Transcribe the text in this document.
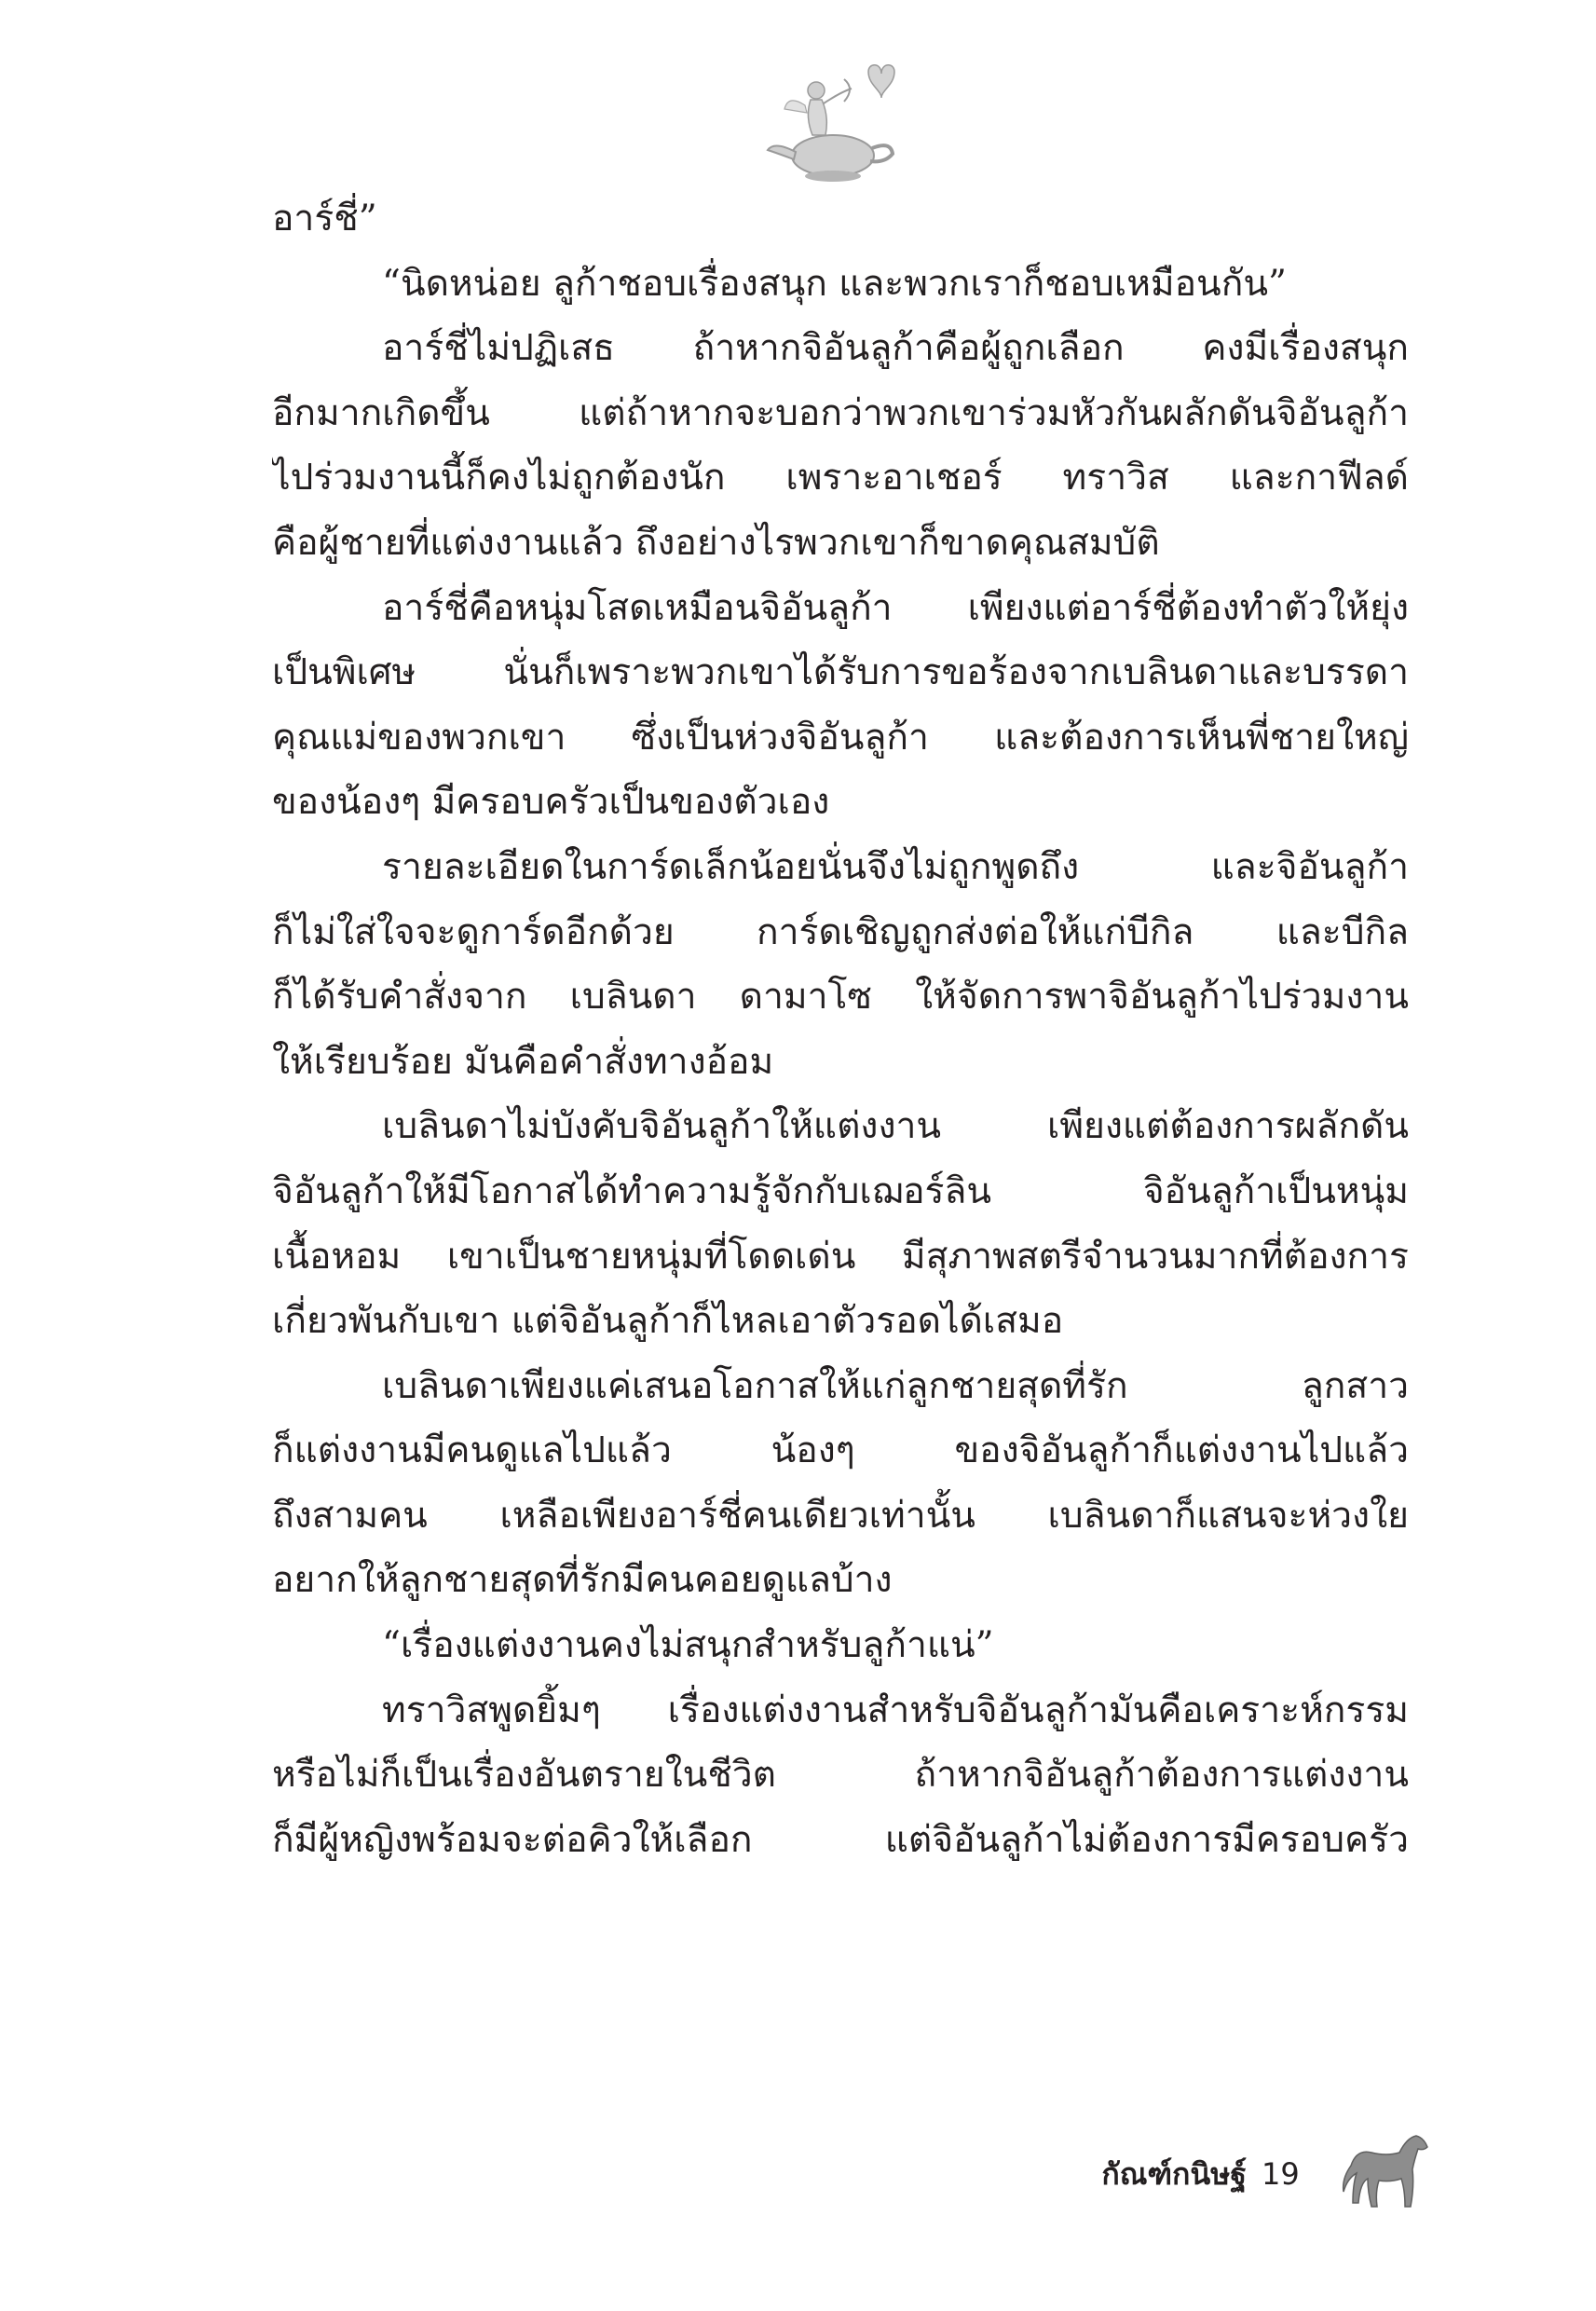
อาร์ชี่”
“นิดหน่อย ลูก้าชอบเรื่องสนุก และพวกเราก็ชอบเหมือนกัน”
อาร์ชี่ไม่ปฏิเสธ ถ้าหากจิอันลูก้าคือผู้ถูกเลือก คงมีเรื่องสนุก
อีกมากเกิดขึ้น แต่ถ้าหากจะบอกว่าพวกเขาร่วมหัวกันผลักดันจิอันลูก้า
ไปร่วมงานนี้ก็คงไม่ถูกต้องนัก เพราะอาเชอร์ ทราวิส และกาฟีลด์
คือผู้ชายที่แต่งงานแล้ว ถึงอย่างไรพวกเขาก็ขาดคุณสมบัติ
อาร์ชี่คือหนุ่มโสดเหมือนจิอันลูก้า เพียงแต่อาร์ชี่ต้องทำตัวให้ยุ่ง
เป็นพิเศษ นั่นก็เพราะพวกเขาได้รับการขอร้องจากเบลินดาและบรรดา
คุณแม่ของพวกเขา ซึ่งเป็นห่วงจิอันลูก้า และต้องการเห็นพี่ชายใหญ่
ของน้องๆ มีครอบครัวเป็นของตัวเอง
รายละเอียดในการ์ดเล็กน้อยนั่นจึงไม่ถูกพูดถึง และจิอันลูก้า
ก็ไม่ใส่ใจจะดูการ์ดอีกด้วย การ์ดเชิญถูกส่งต่อให้แก่บีกิล และบีกิล
ก็ได้รับคำสั่งจาก เบลินดา ดามาโซ ให้จัดการพาจิอันลูก้าไปร่วมงาน
ให้เรียบร้อย มันคือคำสั่งทางอ้อม
เบลินดาไม่บังคับจิอันลูก้าให้แต่งงาน เพียงแต่ต้องการผลักดัน
จิอันลูก้าให้มีโอกาสได้ทำความรู้จักกับเฌอร์ลิน จิอันลูก้าเป็นหนุ่ม
เนื้อหอม เขาเป็นชายหนุ่มที่โดดเด่น มีสุภาพสตรีจำนวนมากที่ต้องการ
เกี่ยวพันกับเขา แต่จิอันลูก้าก็ไหลเอาตัวรอดได้เสมอ
เบลินดาเพียงแค่เสนอโอกาสให้แก่ลูกชายสุดที่รัก ลูกสาว
ก็แต่งงานมีคนดูแลไปแล้ว น้องๆ ของจิอันลูก้าก็แต่งงานไปแล้ว
ถึงสามคน เหลือเพียงอาร์ชี่คนเดียวเท่านั้น เบลินดาก็แสนจะห่วงใย
อยากให้ลูกชายสุดที่รักมีคนคอยดูแลบ้าง
“เรื่องแต่งงานคงไม่สนุกสำหรับลูก้าแน่”
ทราวิสพูดยิ้มๆ เรื่องแต่งงานสำหรับจิอันลูก้ามันคือเคราะห์กรรม
หรือไม่ก็เป็นเรื่องอันตรายในชีวิต ถ้าหากจิอันลูก้าต้องการแต่งงาน
ก็มีผู้หญิงพร้อมจะต่อคิวให้เลือก แต่จิอันลูก้าไม่ต้องการมีครอบครัว
กัณฑ์กนิษฐ์ 19
